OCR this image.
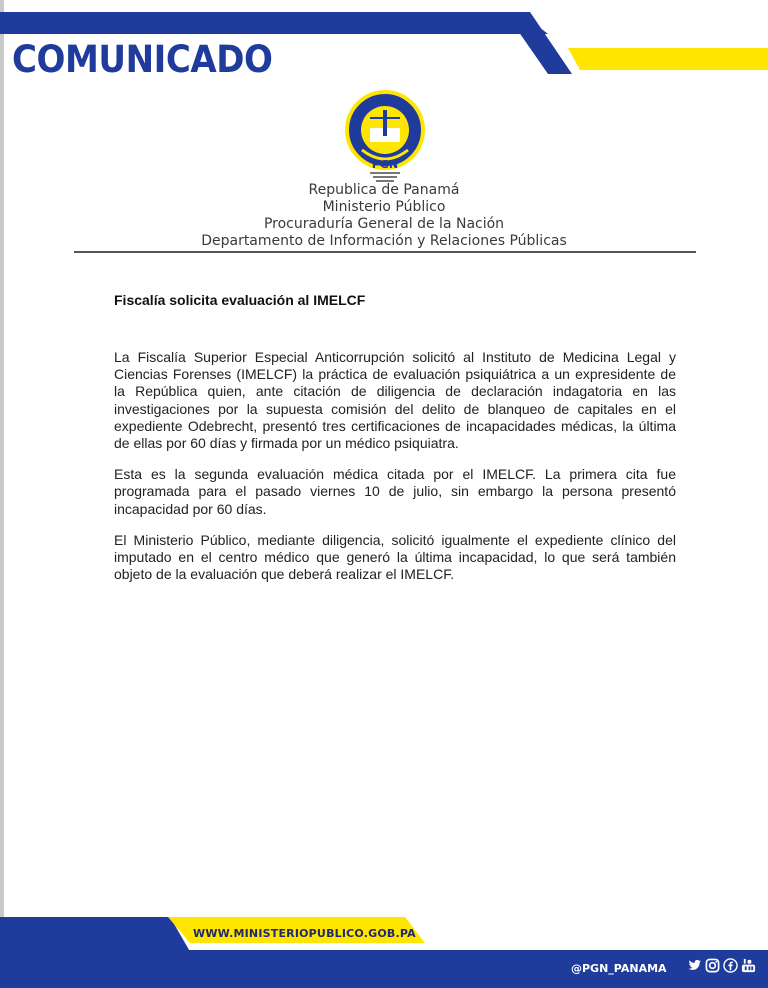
COMUNICADO
PGN
Republica de Panamá
Ministerio Público
Procuraduría General de la Nación
Departamento de Información y Relaciones Públicas
Fiscalía solicita evaluación al IMELCF

La Fiscalía Superior Especial Anticorrupción solicitó al Instituto de Medicina Legal y Ciencias Forenses (IMELCF) la práctica de evaluación psiquiátrica a un expresidente de la República quien, ante citación de diligencia de declaración indagatoria en las investigaciones por la supuesta comisión del delito de blanqueo de capitales en el expediente Odebrecht, presentó tres certificaciones de incapacidades médicas, la última de ellas por 60 días y firmada por un médico psiquiatra.

Esta es la segunda evaluación médica citada por el IMELCF. La primera cita fue programada para el pasado viernes 10 de julio, sin embargo la persona presentó incapacidad por 60 días.

El Ministerio Público, mediante diligencia, solicitó igualmente el expediente clínico del imputado en el centro médico que generó la última incapacidad, lo que será también objeto de la evaluación que deberá realizar el IMELCF.

WWW.MINISTERIOPUBLICO.GOB.PA
@PGN_PANAMA
